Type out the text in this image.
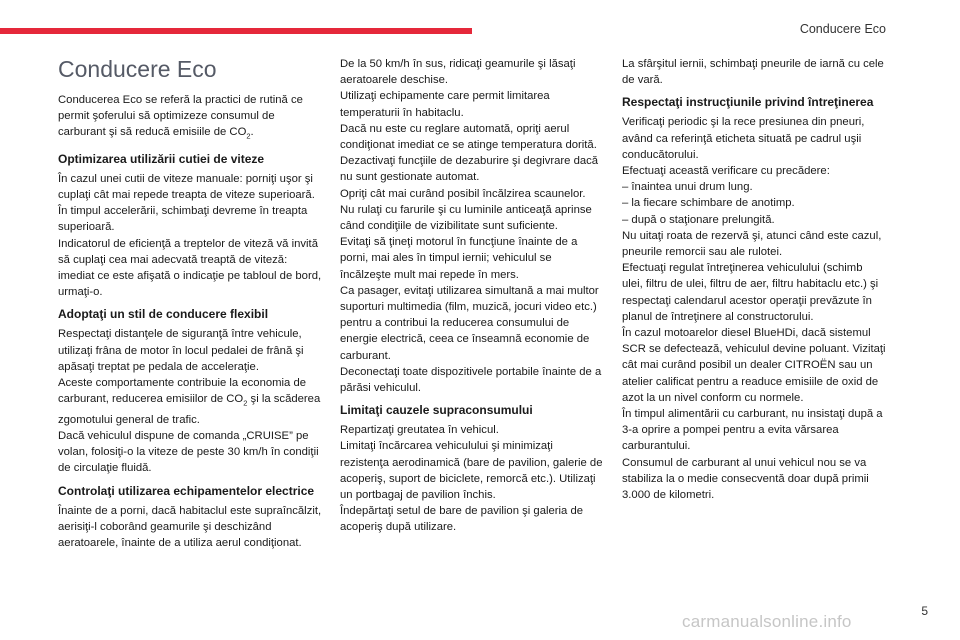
Conducere Eco
Conducere Eco

Conducerea Eco se referă la practici de rutină ce permit şoferului să optimizeze consumul de carburant şi să reducă emisiile de $CO_2$.

Optimizarea utilizării cutiei de viteze

În cazul unei cutii de viteze manuale: porniţi uşor şi cuplaţi cât mai repede treapta de viteze superioară. În timpul accelerării, schimbaţi devreme în treapta superioară.
Indicatorul de eficienţă a treptelor de viteză vă invită să cuplaţi cea mai adecvată treaptă de viteză: imediat ce este afişată o indicaţie pe tabloul de bord, urmaţi-o.

Adoptaţi un stil de conducere flexibil

Respectaţi distanţele de siguranţă între vehicule, utilizaţi frâna de motor în locul pedalei de frână şi apăsaţi treptat pe pedala de acceleraţie.
Aceste comportamente contribuie la economia de carburant, reducerea emisiilor de $CO_2$ şi la scăderea zgomotului general de trafic.
Dacă vehiculul dispune de comanda „CRUISE” pe volan, folosiţi-o la viteze de peste 30 km/h în condiţii de circulaţie fluidă.

Controlaţi utilizarea echipamentelor electrice

Înainte de a porni, dacă habitaclul este supraîncălzit, aerisiţi-l coborând geamurile şi deschizând aeratoarele, înainte de a utiliza aerul condiţionat.

De la 50 km/h în sus, ridicaţi geamurile şi lăsaţi aeratoarele deschise.
Utilizaţi echipamente care permit limitarea temperaturii în habitaclu.
Dacă nu este cu reglare automată, opriţi aerul condiţionat imediat ce se atinge temperatura dorită.
Dezactivaţi funcţiile de dezaburire şi degivrare dacă nu sunt gestionate automat.
Opriţi cât mai curând posibil încălzirea scaunelor.
Nu rulaţi cu farurile şi cu luminile anticeaţă aprinse când condiţiile de vizibilitate sunt suficiente.
Evitaţi să ţineţi motorul în funcţiune înainte de a porni, mai ales în timpul iernii; vehiculul se încălzeşte mult mai repede în mers.
Ca pasager, evitaţi utilizarea simultană a mai multor suporturi multimedia (film, muzică, jocuri video etc.) pentru a contribui la reducerea consumului de energie electrică, ceea ce înseamnă economie de carburant.
Deconectaţi toate dispozitivele portabile înainte de a părăsi vehiculul.

Limitaţi cauzele supraconsumului

Repartizaţi greutatea în vehicul.
Limitaţi încărcarea vehiculului şi minimizaţi rezistenţa aerodinamică (bare de pavilion, galerie de acoperiş, suport de biciclete, remorcă etc.). Utilizaţi un portbagaj de pavilion închis.
Îndepărtaţi setul de bare de pavilion şi galeria de acoperiş după utilizare.

La sfârşitul iernii, schimbaţi pneurile de iarnă cu cele de vară.

Respectaţi instrucţiunile privind întreţinerea

Verificaţi periodic şi la rece presiunea din pneuri, având ca referinţă eticheta situată pe cadrul uşii conducătorului.
Efectuaţi această verificare cu precădere:
– înaintea unui drum lung.
– la fiecare schimbare de anotimp.
– după o staţionare prelungită.
Nu uitaţi roata de rezervă şi, atunci când este cazul, pneurile remorcii sau ale rulotei.
Efectuaţi regulat întreţinerea vehiculului (schimb ulei, filtru de ulei, filtru de aer, filtru habitaclu etc.) şi respectaţi calendarul acestor operaţii prevăzute în planul de întreţinere al constructorului.
În cazul motoarelor diesel BlueHDi, dacă sistemul SCR se defectează, vehiculul devine poluant. Vizitaţi cât mai curând posibil un dealer CITROËN sau un atelier calificat pentru a readuce emisiile de oxid de azot la un nivel conform cu normele.
În timpul alimentării cu carburant, nu insistaţi după a 3-a oprire a pompei pentru a evita vărsarea carburantului.
Consumul de carburant al unui vehicul nou se va stabiliza la o medie consecventă doar după primii 3.000 de kilometri.

5
carmanualsonline.info
